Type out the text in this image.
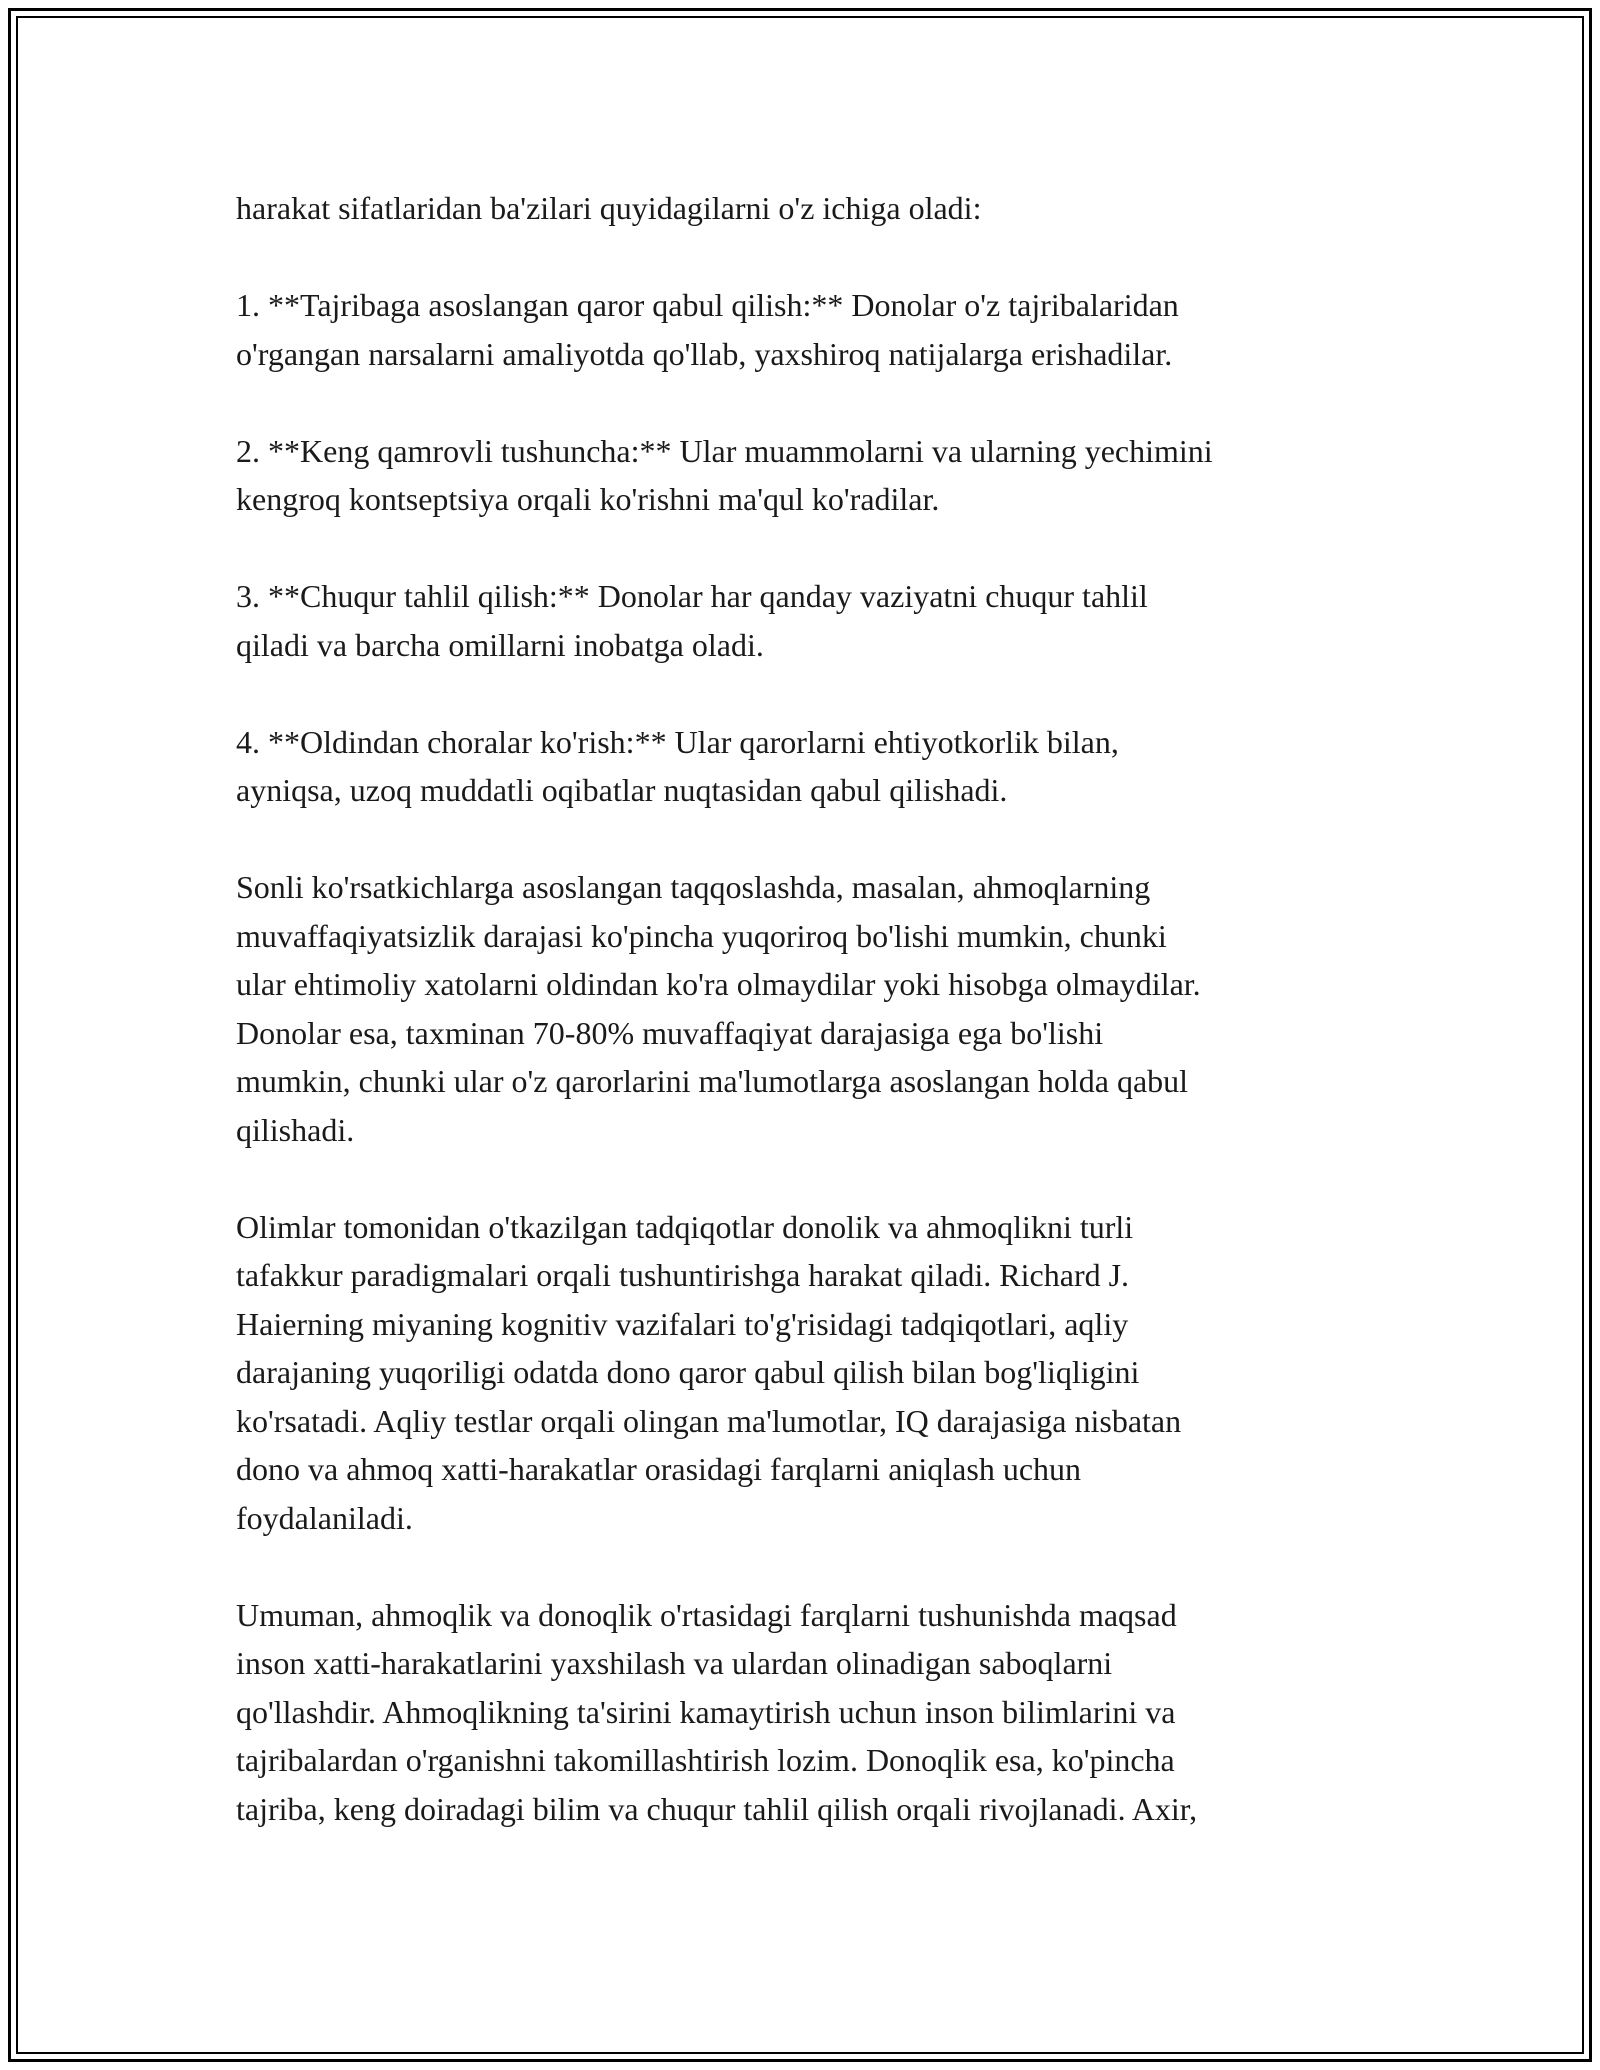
harakat sifatlaridan ba'zilari quyidagilarni o'z ichiga oladi:

1. **Tajribaga asoslangan qaror qabul qilish:** Donolar o'z tajribalaridan
o'rgangan narsalarni amaliyotda qo'llab, yaxshiroq natijalarga erishadilar.

2. **Keng qamrovli tushuncha:** Ular muammolarni va ularning yechimini
kengroq kontseptsiya orqali ko'rishni ma'qul ko'radilar.

3. **Chuqur tahlil qilish:** Donolar har qanday vaziyatni chuqur tahlil
qiladi va barcha omillarni inobatga oladi.

4. **Oldindan choralar ko'rish:** Ular qarorlarni ehtiyotkorlik bilan,
ayniqsa, uzoq muddatli oqibatlar nuqtasidan qabul qilishadi.

Sonli ko'rsatkichlarga asoslangan taqqoslashda, masalan, ahmoqlarning
muvaffaqiyatsizlik darajasi ko'pincha yuqoriroq bo'lishi mumkin, chunki
ular ehtimoliy xatolarni oldindan ko'ra olmaydilar yoki hisobga olmaydilar.
Donolar esa, taxminan 70-80% muvaffaqiyat darajasiga ega bo'lishi
mumkin, chunki ular o'z qarorlarini ma'lumotlarga asoslangan holda qabul
qilishadi.

Olimlar tomonidan o'tkazilgan tadqiqotlar donolik va ahmoqlikni turli
tafakkur paradigmalari orqali tushuntirishga harakat qiladi. Richard J.
Haierning miyaning kognitiv vazifalari to'g'risidagi tadqiqotlari, aqliy
darajaning yuqoriligi odatda dono qaror qabul qilish bilan bog'liqligini
ko'rsatadi. Aqliy testlar orqali olingan ma'lumotlar, IQ darajasiga nisbatan
dono va ahmoq xatti-harakatlar orasidagi farqlarni aniqlash uchun
foydalaniladi.

Umuman, ahmoqlik va donoqlik o'rtasidagi farqlarni tushunishda maqsad
inson xatti-harakatlarini yaxshilash va ulardan olinadigan saboqlarni
qo'llashdir. Ahmoqlikning ta'sirini kamaytirish uchun inson bilimlarini va
tajribalardan o'rganishni takomillashtirish lozim. Donoqlik esa, ko'pincha
tajriba, keng doiradagi bilim va chuqur tahlil qilish orqali rivojlanadi. Axir,
